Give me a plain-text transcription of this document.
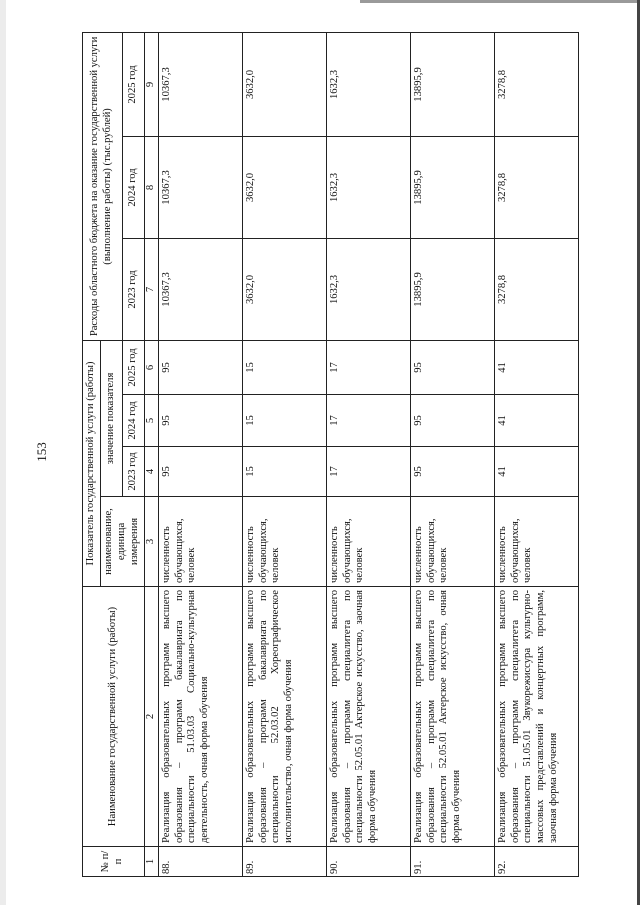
153
№ п/п	Наименование государственной услуги (работы)	Показатель государственной услуги (работы)				Расходы областного бюджета на оказание государственной услуги (выполнение работы) (тыс.рублей)		
		наименование, единица измерения	значение показателя					
			2023 год	2024 год	2025 год	2023 год	2024 год	2025 год
1	2	3	4	5	6	7	8	9
88.	Реализация образовательных программ высшего образования – программ бакалавриата по специальности 51.03.03 Социально-культурная деятельность, очная форма обучения	численность обучающихся, человек	95	95	95	10367,3	10367,3	10367,3
89.	Реализация образовательных программ высшего образования – программ бакалавриата по специальности 52.03.02 Хореографическое исполнительство, очная форма обучения	численность обучающихся, человек	15	15	15	3632,0	3632,0	3632,0
90.	Реализация образовательных программ высшего образования – программ специалитета по специальности 52.05.01 Актерское искусство, заочная форма обучения	численность обучающихся, человек	17	17	17	1632,3	1632,3	1632,3
91.	Реализация образовательных программ высшего образования – программ специалитета по специальности 52.05.01 Актерское искусство, очная форма обучения	численность обучающихся, человек	95	95	95	13895,9	13895,9	13895,9
92.	Реализация образовательных программ высшего образования – программ специалитета по специальности 51.05.01 Звукорежиссура культурно-массовых представлений и концертных программ, заочная форма обучения	численность обучающихся, человек	41	41	41	3278,8	3278,8	3278,8
